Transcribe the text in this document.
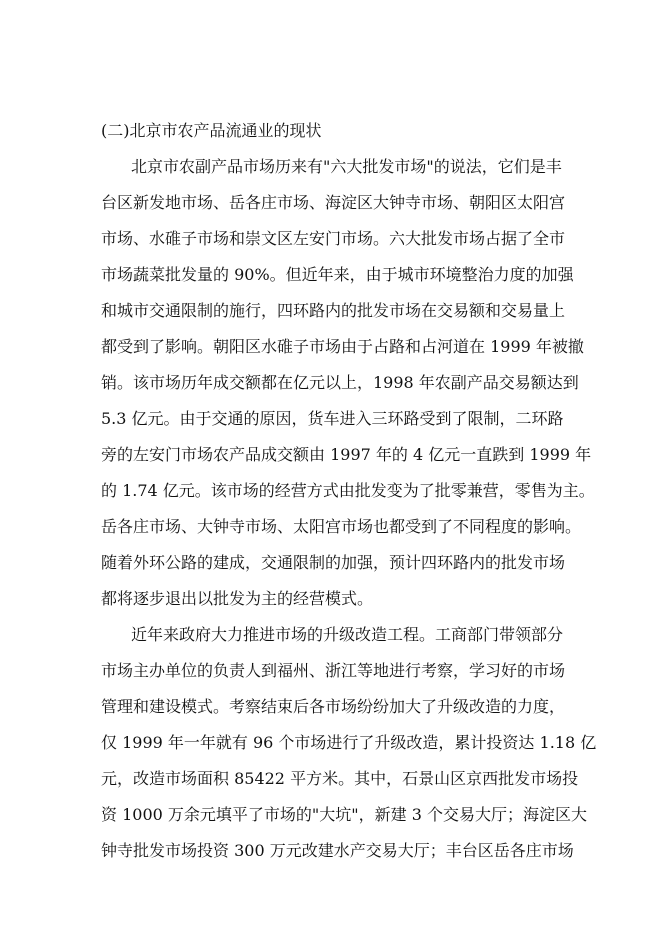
(二)北京市农产品流通业的现状
北京市农副产品市场历来有"六大批发市场"的说法，它们是丰
台区新发地市场、岳各庄市场、海淀区大钟寺市场、朝阳区太阳宫
市场、水碓子市场和崇文区左安门市场。六大批发市场占据了全市
市场蔬菜批发量的 90%。但近年来，由于城市环境整治力度的加强
和城市交通限制的施行，四环路内的批发市场在交易额和交易量上
都受到了影响。朝阳区水碓子市场由于占路和占河道在 1999 年被撤
销。该市场历年成交额都在亿元以上，1998 年农副产品交易额达到
5.3 亿元。由于交通的原因，货车进入三环路受到了限制，二环路
旁的左安门市场农产品成交额由 1997 年的 4 亿元一直跌到 1999 年
的 1.74 亿元。该市场的经营方式由批发变为了批零兼营，零售为主。
岳各庄市场、大钟寺市场、太阳宫市场也都受到了不同程度的影响。
随着外环公路的建成，交通限制的加强，预计四环路内的批发市场
都将逐步退出以批发为主的经营模式。
近年来政府大力推进市场的升级改造工程。工商部门带领部分
市场主办单位的负责人到福州、浙江等地进行考察，学习好的市场
管理和建设模式。考察结束后各市场纷纷加大了升级改造的力度，
仅 1999 年一年就有 96 个市场进行了升级改造，累计投资达 1.18 亿
元，改造市场面积 85422 平方米。其中，石景山区京西批发市场投
资 1000 万余元填平了市场的"大坑"，新建 3 个交易大厅；海淀区大
钟寺批发市场投资 300 万元改建水产交易大厅；丰台区岳各庄市场
